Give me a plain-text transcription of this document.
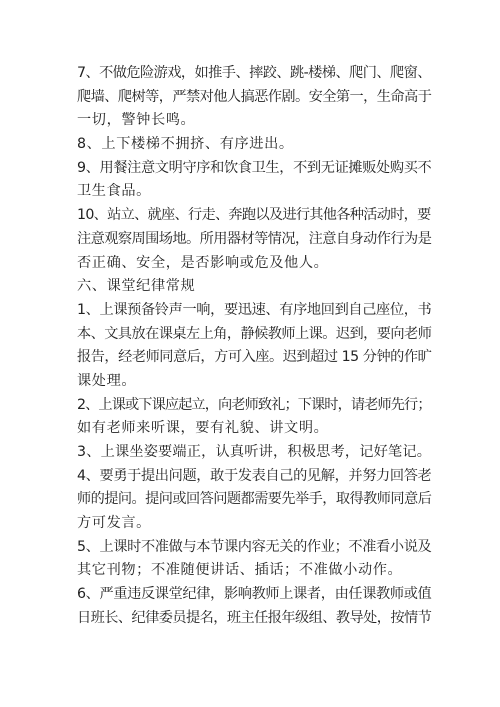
7、不做危险游戏，如推手、摔跤、跳-楼梯、爬门、爬窗、
爬墙、爬树等，严禁对他人搞恶作剧。安全第一，生命高于
一切，警钟长鸣。
8、上下楼梯不拥挤、有序进出。
9、用餐注意文明守序和饮食卫生，不到无证摊贩处购买不
卫生食品。
10、站立、就座、行走、奔跑以及进行其他各种活动时，要
注意观察周围场地。所用器材等情况，注意自身动作行为是
否正确、安全，是否影响或危及他人。
六、课堂纪律常规
1、上课预备铃声一响，要迅速、有序地回到自己座位，书
本、文具放在课桌左上角，静候教师上课。迟到，要向老师
报告，经老师同意后，方可入座。迟到超过 15 分钟的作旷
课处理。
2、上课或下课应起立，向老师致礼；下课时，请老师先行；
如有老师来听课，要有礼貌、讲文明。
3、上课坐姿要端正，认真听讲，积极思考，记好笔记。
4、要勇于提出问题，敢于发表自己的见解，并努力回答老
师的提问。提问或回答问题都需要先举手，取得教师同意后
方可发言。
5、上课时不准做与本节课内容无关的作业；不准看小说及
其它刊物；不准随便讲话、插话；不准做小动作。
6、严重违反课堂纪律，影响教师上课者，由任课教师或值
日班长、纪律委员提名，班主任报年级组、教导处，按情节
